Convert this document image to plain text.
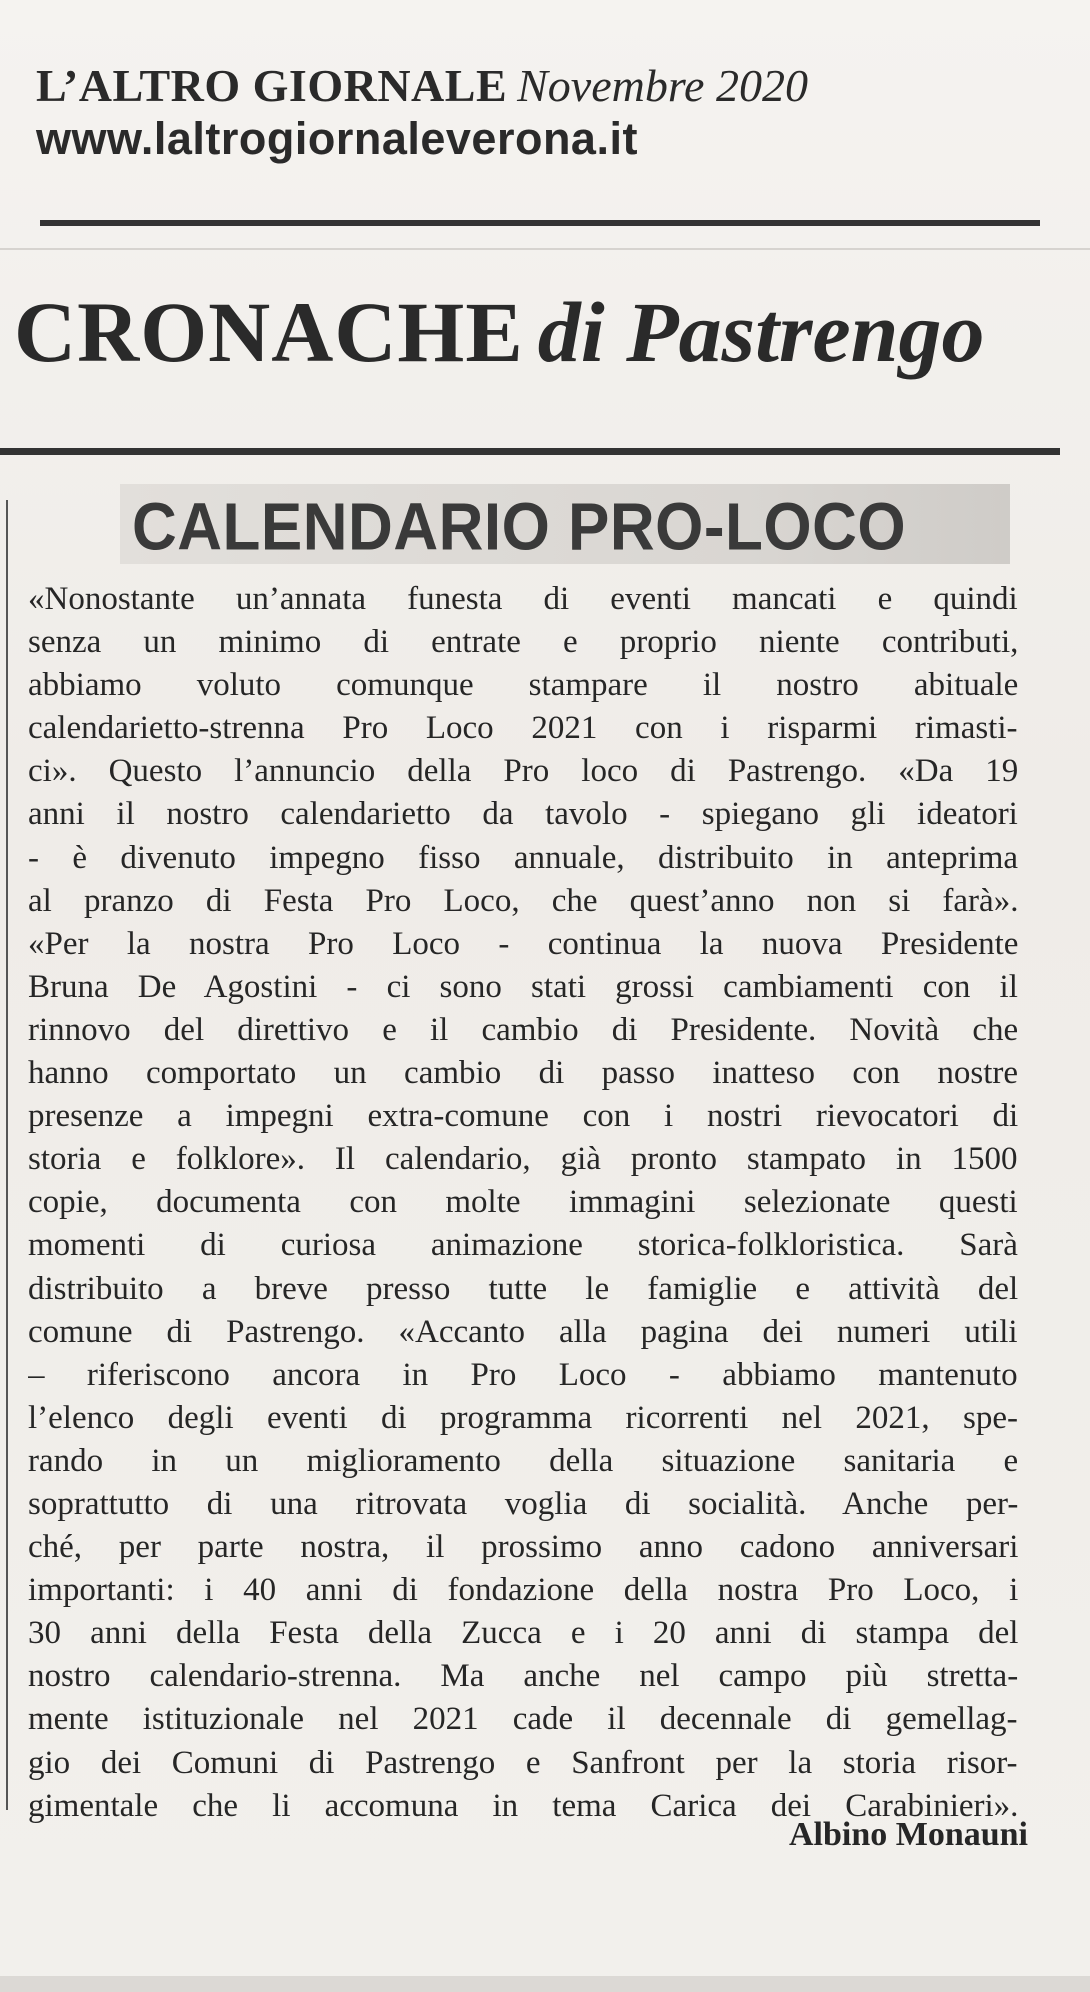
L’ALTRO GIORNALE Novembre 2020
www.laltrogiornaleverona.it
CRONACHE di Pastrengo
CALENDARIO PRO-LOCO
«Nonostante un’annata funesta di eventi mancati e quindi
senza un minimo di entrate e proprio niente contributi,
abbiamo voluto comunque stampare il nostro abituale
calendarietto-strenna Pro Loco 2021 con i risparmi rimasti-
ci». Questo l’annuncio della Pro loco di Pastrengo. «Da 19
anni il nostro calendarietto da tavolo - spiegano gli ideatori
- è divenuto impegno fisso annuale, distribuito in anteprima
al pranzo di Festa Pro Loco, che quest’anno non si farà».
«Per la nostra Pro Loco - continua la nuova Presidente
Bruna De Agostini - ci sono stati grossi cambiamenti con il
rinnovo del direttivo e il cambio di Presidente. Novità che
hanno comportato un cambio di passo inatteso con nostre
presenze a impegni extra-comune con i nostri rievocatori di
storia e folklore». Il calendario, già pronto stampato in 1500
copie, documenta con molte immagini selezionate questi
momenti di curiosa animazione storica-folkloristica. Sarà
distribuito a breve presso tutte le famiglie e attività del
comune di Pastrengo. «Accanto alla pagina dei numeri utili
– riferiscono ancora in Pro Loco - abbiamo mantenuto
l’elenco degli eventi di programma ricorrenti nel 2021, spe-
rando in un miglioramento della situazione sanitaria e
soprattutto di una ritrovata voglia di socialità. Anche per-
ché, per parte nostra, il prossimo anno cadono anniversari
importanti: i 40 anni di fondazione della nostra Pro Loco, i
30 anni della Festa della Zucca e i 20 anni di stampa del
nostro calendario-strenna. Ma anche nel campo più stretta-
mente istituzionale nel 2021 cade il decennale di gemellag-
gio dei Comuni di Pastrengo e Sanfront per la storia risor-
gimentale che li accomuna in tema Carica dei Carabinieri».
Albino Monauni
